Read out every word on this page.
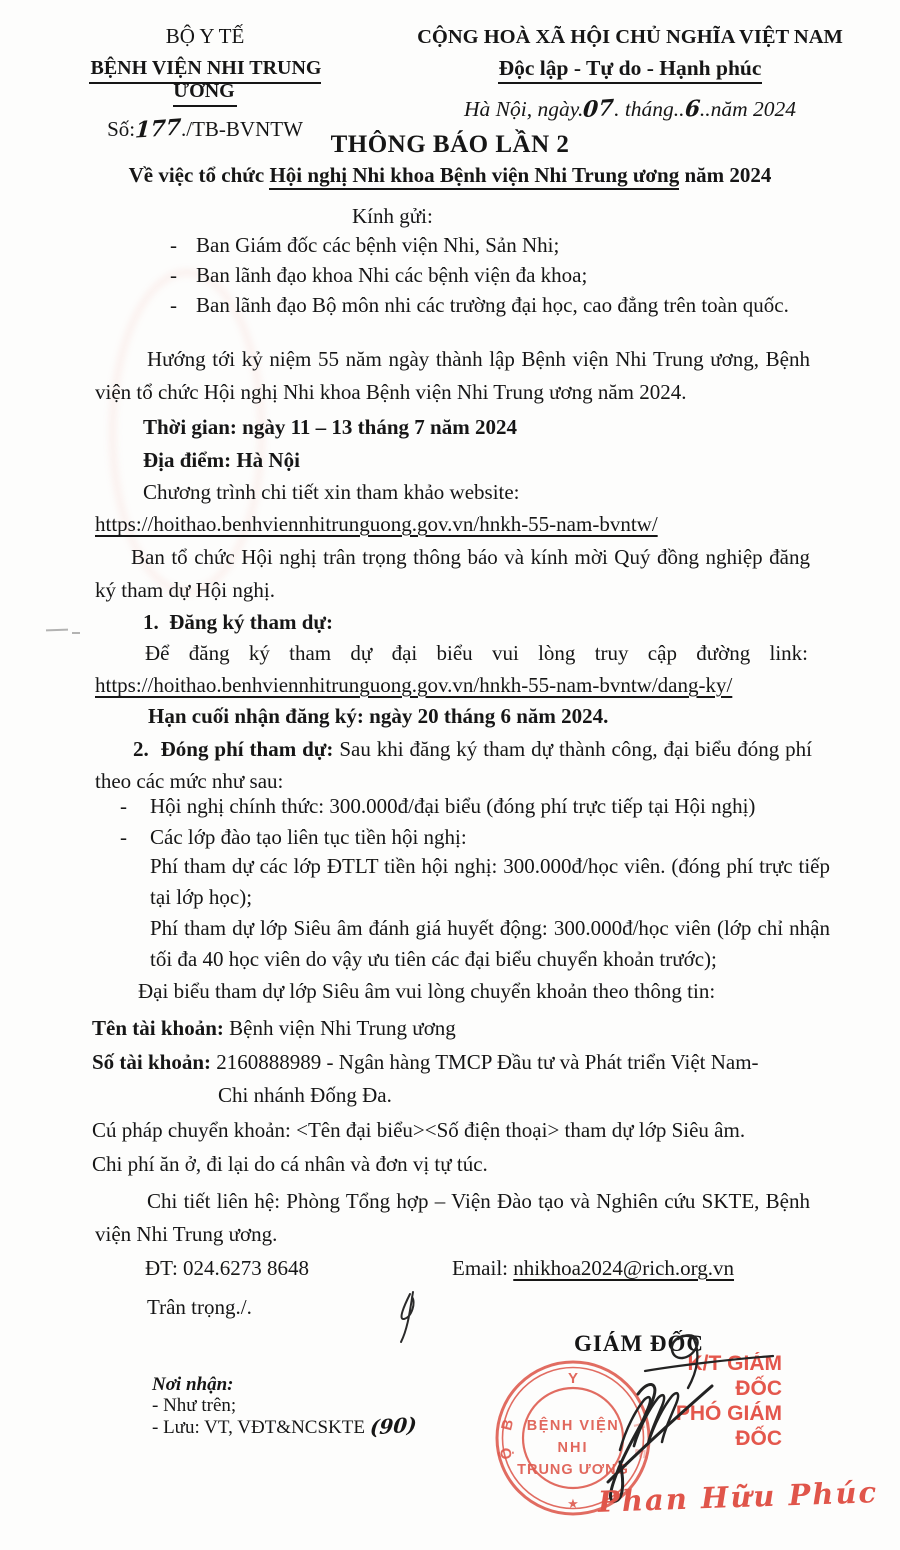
BỘ Y TẾ
BỆNH VIỆN NHI TRUNG ƯƠNG
Số:177./TB-BVNTW
CỘNG HOÀ XÃ HỘI CHỦ NGHĨA VIỆT NAM
Độc lập - Tự do - Hạnh phúc
Hà Nội, ngày.07. tháng..6..năm 2024
THÔNG BÁO LẦN 2
Về việc tổ chức Hội nghị Nhi khoa Bệnh viện Nhi Trung ương năm 2024
Kính gửi:
- Ban Giám đốc các bệnh viện Nhi, Sản Nhi;
- Ban lãnh đạo khoa Nhi các bệnh viện đa khoa;
- Ban lãnh đạo Bộ môn nhi các trường đại học, cao đẳng trên toàn quốc.
Hướng tới kỷ niệm 55 năm ngày thành lập Bệnh viện Nhi Trung ương, Bệnh viện tổ chức Hội nghị Nhi khoa Bệnh viện Nhi Trung ương năm 2024.
Thời gian: ngày 11 – 13 tháng 7 năm 2024
Địa điểm: Hà Nội
Chương trình chi tiết xin tham khảo website:
https://hoithao.benhviennhitrunguong.gov.vn/hnkh-55-nam-bvntw/
Ban tổ chức Hội nghị trân trọng thông báo và kính mời Quý đồng nghiệp đăng ký tham dự Hội nghị.
1. Đăng ký tham dự:
Để đăng ký tham dự đại biểu vui lòng truy cập đường link:
https://hoithao.benhviennhitrunguong.gov.vn/hnkh-55-nam-bvntw/dang-ky/
Hạn cuối nhận đăng ký: ngày 20 tháng 6 năm 2024.
2. Đóng phí tham dự: Sau khi đăng ký tham dự thành công, đại biểu đóng phí theo các mức như sau:
- Hội nghị chính thức: 300.000đ/đại biểu (đóng phí trực tiếp tại Hội nghị)
- Các lớp đào tạo liên tục tiền hội nghị:
Phí tham dự các lớp ĐTLT tiền hội nghị: 300.000đ/học viên. (đóng phí trực tiếp tại lớp học);
Phí tham dự lớp Siêu âm đánh giá huyết động: 300.000đ/học viên (lớp chỉ nhận tối đa 40 học viên do vậy ưu tiên các đại biểu chuyển khoản trước);
Đại biểu tham dự lớp Siêu âm vui lòng chuyển khoản theo thông tin:
Tên tài khoản: Bệnh viện Nhi Trung ương
Số tài khoản: 2160888989 - Ngân hàng TMCP Đầu tư và Phát triển Việt Nam-
Chi nhánh Đống Đa.
Cú pháp chuyển khoản: <Tên đại biểu><Số điện thoại> tham dự lớp Siêu âm.
Chi phí ăn ở, đi lại do cá nhân và đơn vị tự túc.
Chi tiết liên hệ: Phòng Tổng hợp – Viện Đào tạo và Nghiên cứu SKTE, Bệnh viện Nhi Trung ương.
ĐT: 024.6273 8648	Email: nhikhoa2024@rich.org.vn
Trân trọng./.
GIÁM ĐỐC
K/T GIÁM ĐỐC
PHÓ GIÁM ĐỐC
Y
B
Ộ
T
Ế
BỆNH VIỆN
NHI
TRUNG ƯƠNG
★ Phan Hữu Phúc
Nơi nhận:
- Như trên;
- Lưu: VT, VĐT&NCSKTE (90)
